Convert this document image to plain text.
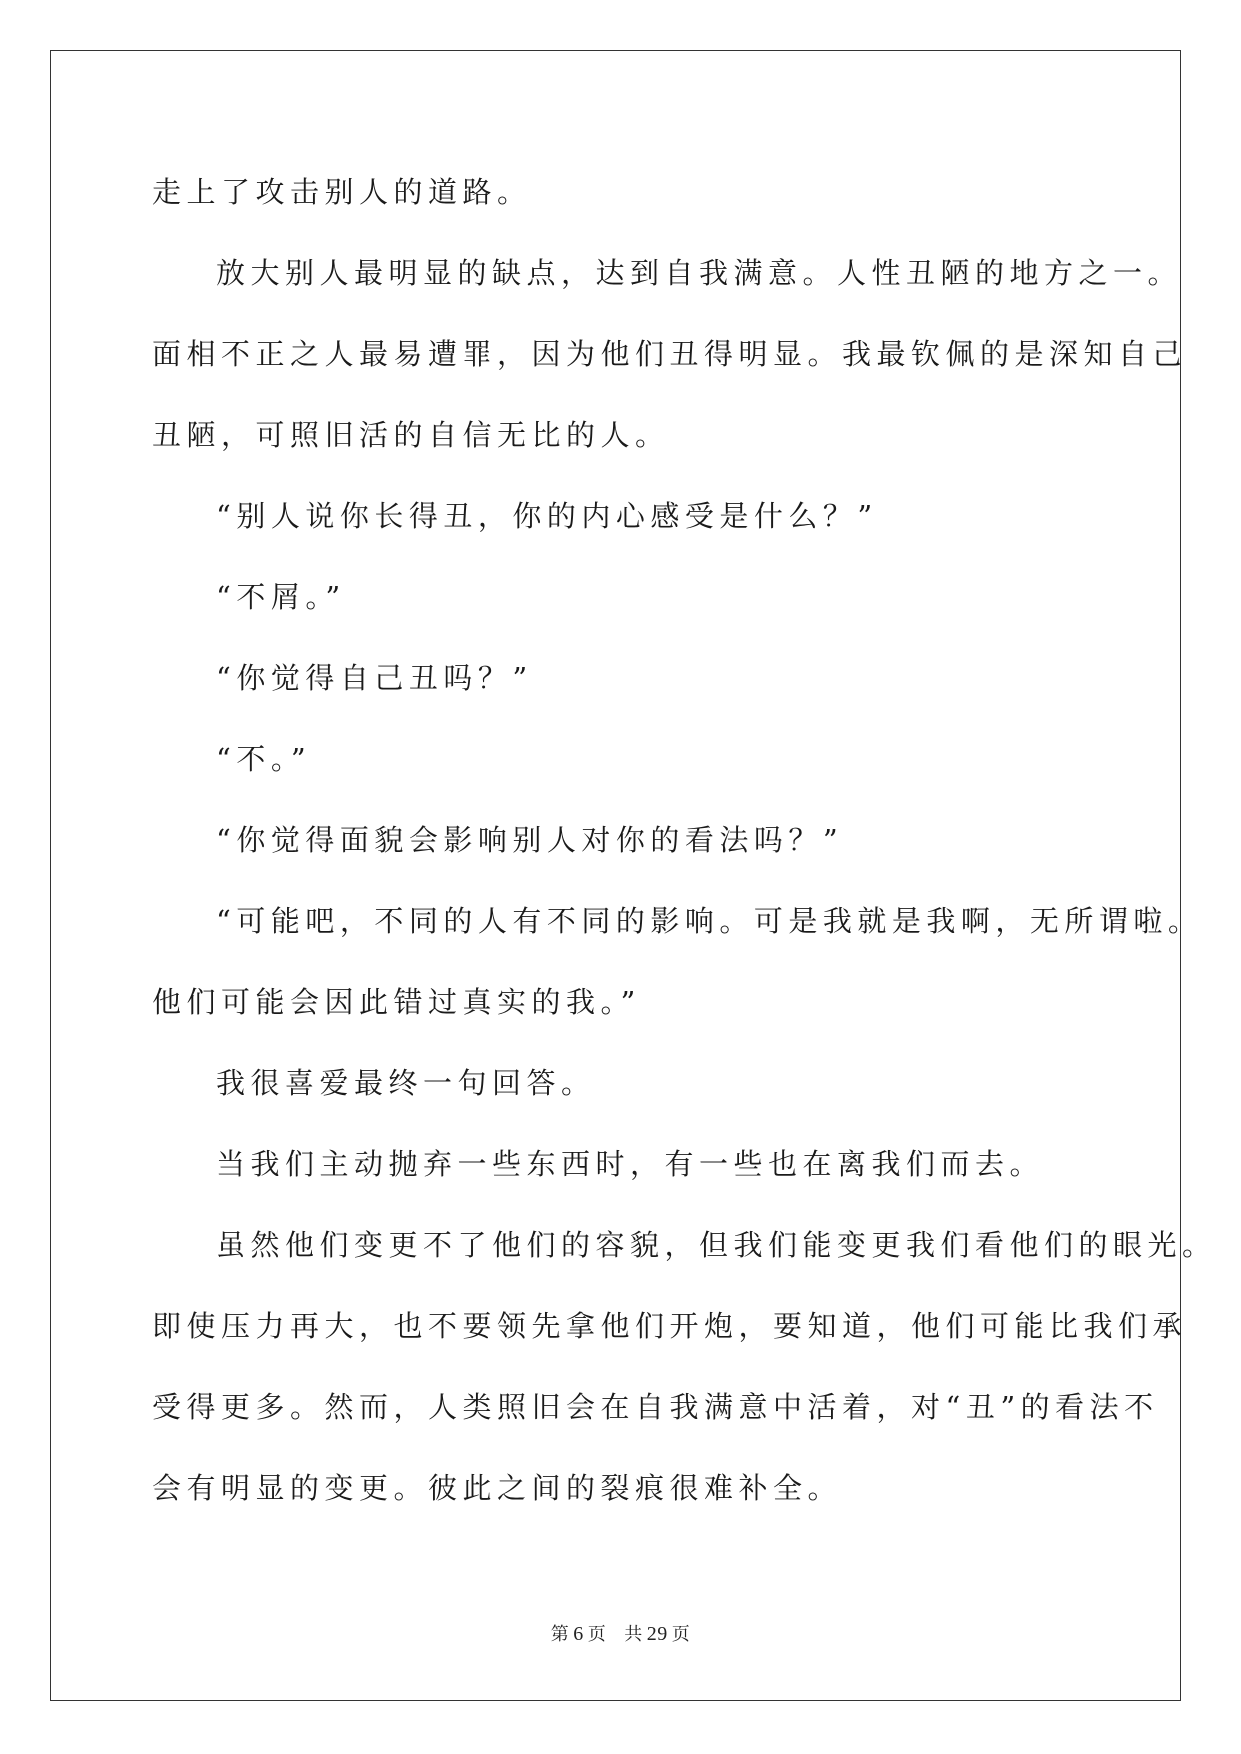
走上了攻击别人的道路。
放大别人最明显的缺点，达到自我满意。人性丑陋的地方之一。
面相不正之人最易遭罪，因为他们丑得明显。我最钦佩的是深知自己
丑陋，可照旧活的自信无比的人。
“别人说你长得丑，你的内心感受是什么？”
“不屑。”
“你觉得自己丑吗？”
“不。”
“你觉得面貌会影响别人对你的看法吗？”
“可能吧，不同的人有不同的影响。可是我就是我啊，无所谓啦。
他们可能会因此错过真实的我。”
我很喜爱最终一句回答。
当我们主动抛弃一些东西时，有一些也在离我们而去。
虽然他们变更不了他们的容貌，但我们能变更我们看他们的眼光。
即使压力再大，也不要领先拿他们开炮，要知道，他们可能比我们承
受得更多。然而，人类照旧会在自我满意中活着，对“丑”的看法不
会有明显的变更。彼此之间的裂痕很难补全。
第 6 页 共 29 页
